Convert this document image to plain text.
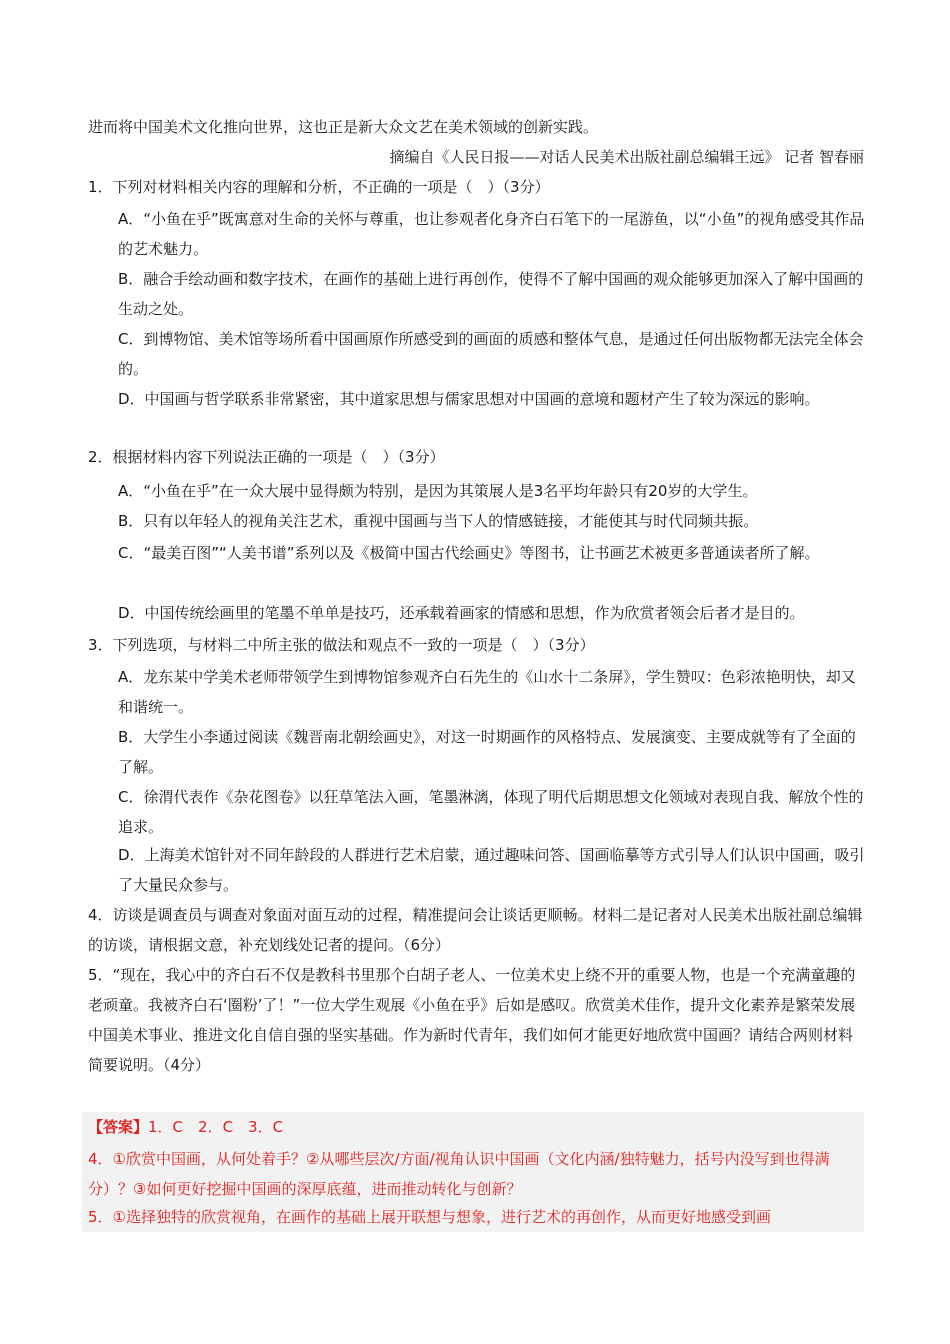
进而将中国美术文化推向世界，这也正是新大众文艺在美术领域的创新实践。
摘编自《人民日报——对话人民美术出版社副总编辑王远》 记者 智春丽
1．下列对材料相关内容的理解和分析，不正确的一项是（　）（3分）
A．“小鱼在乎”既寓意对生命的关怀与尊重，也让参观者化身齐白石笔下的一尾游鱼，以“小鱼”的视角感受其作品的艺术魅力。
B．融合手绘动画和数字技术，在画作的基础上进行再创作，使得不了解中国画的观众能够更加深入了解中国画的生动之处。
C．到博物馆、美术馆等场所看中国画原作所感受到的画面的质感和整体气息，是通过任何出版物都无法完全体会的。
D．中国画与哲学联系非常紧密，其中道家思想与儒家思想对中国画的意境和题材产生了较为深远的影响。
2．根据材料内容下列说法正确的一项是（　）（3分）
A．“小鱼在乎”在一众大展中显得颇为特别，是因为其策展人是3名平均年龄只有20岁的大学生。
B．只有以年轻人的视角关注艺术，重视中国画与当下人的情感链接，才能使其与时代同频共振。
C．“最美百图”“人美书谱”系列以及《极简中国古代绘画史》等图书，让书画艺术被更多普通读者所了解。
D．中国传统绘画里的笔墨不单单是技巧，还承载着画家的情感和思想，作为欣赏者领会后者才是目的。
3．下列选项，与材料二中所主张的做法和观点不一致的一项是（　）（3分）
A．龙东某中学美术老师带领学生到博物馆参观齐白石先生的《山水十二条屏》，学生赞叹：色彩浓艳明快，却又和谐统一。
B．大学生小李通过阅读《魏晋南北朝绘画史》，对这一时期画作的风格特点、发展演变、主要成就等有了全面的了解。
C．徐渭代表作《杂花图卷》以狂草笔法入画，笔墨淋漓，体现了明代后期思想文化领域对表现自我、解放个性的追求。
D．上海美术馆针对不同年龄段的人群进行艺术启蒙，通过趣味问答、国画临摹等方式引导人们认识中国画，吸引了大量民众参与。
4．访谈是调查员与调查对象面对面互动的过程，精准提问会让谈话更顺畅。材料二是记者对人民美术出版社副总编辑的访谈，请根据文意，补充划线处记者的提问。（6分）
5．“现在，我心中的齐白石不仅是教科书里那个白胡子老人、一位美术史上绕不开的重要人物，也是一个充满童趣的老顽童。我被齐白石‘圈粉’了！”一位大学生观展《小鱼在乎》后如是感叹。欣赏美术佳作，提升文化素养是繁荣发展中国美术事业、推进文化自信自强的坚实基础。作为新时代青年，我们如何才能更好地欣赏中国画？请结合两则材料简要说明。（4分）
【答案】1．C　2．C　3．C
4．①欣赏中国画，从何处着手？②从哪些层次/方面/视角认识中国画（文化内涵/独特魅力，括号内没写到也得满分）？③如何更好挖掘中国画的深厚底蕴，进而推动转化与创新？
5．①选择独特的欣赏视角，在画作的基础上展开联想与想象，进行艺术的再创作，从而更好地感受到画
